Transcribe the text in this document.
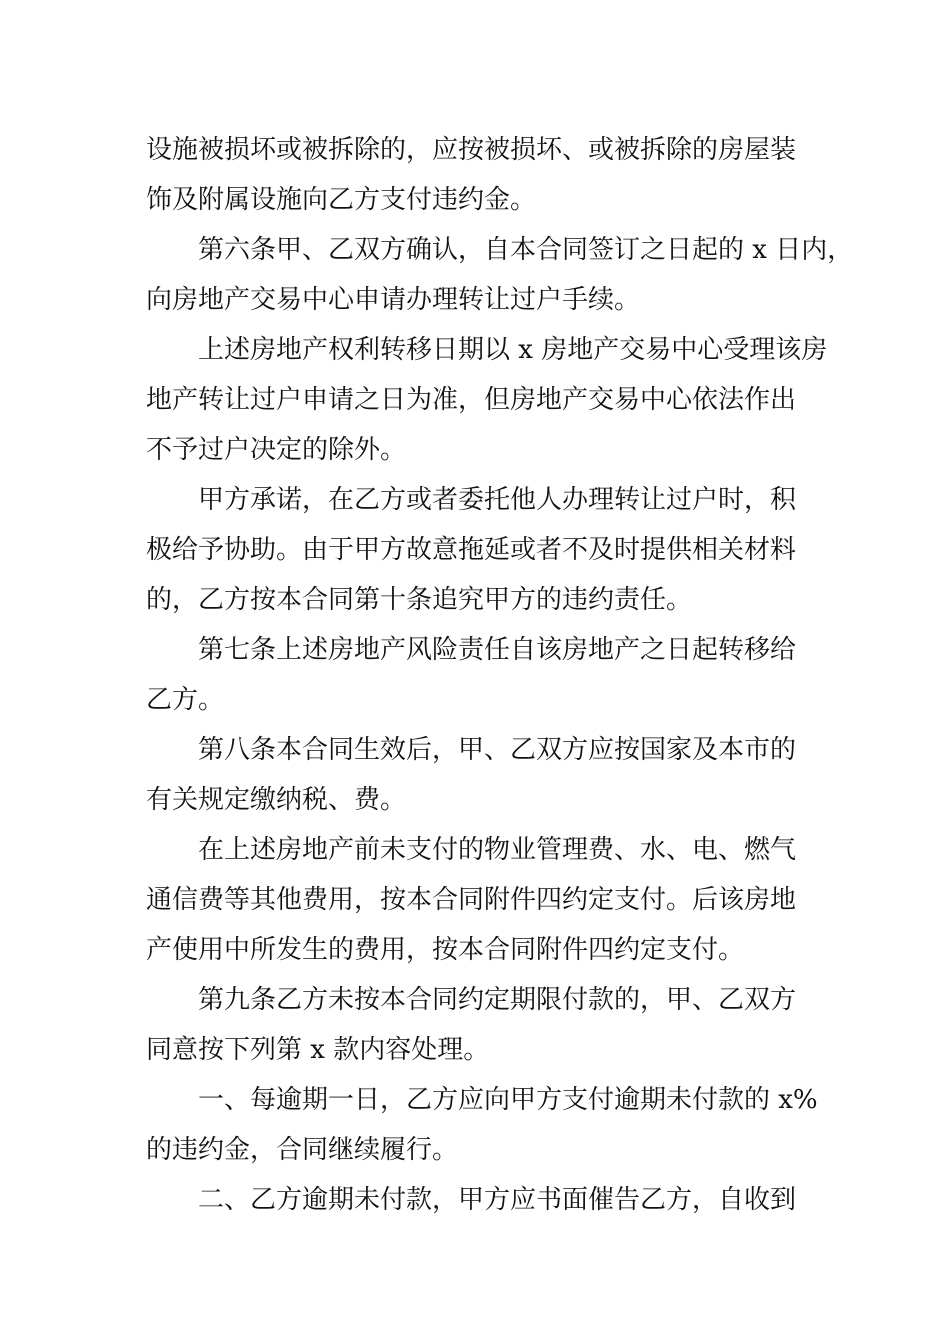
设施被损坏或被拆除的，应按被损坏、或被拆除的房屋装
饰及附属设施向乙方支付违约金。
第六条甲、乙双方确认，自本合同签订之日起的 x 日内，
向房地产交易中心申请办理转让过户手续。
上述房地产权利转移日期以 x 房地产交易中心受理该房
地产转让过户申请之日为准，但房地产交易中心依法作出
不予过户决定的除外。
甲方承诺，在乙方或者委托他人办理转让过户时，积
极给予协助。由于甲方故意拖延或者不及时提供相关材料
的，乙方按本合同第十条追究甲方的违约责任。
第七条上述房地产风险责任自该房地产之日起转移给
乙方。
第八条本合同生效后，甲、乙双方应按国家及本市的
有关规定缴纳税、费。
在上述房地产前未支付的物业管理费、水、电、燃气
通信费等其他费用，按本合同附件四约定支付。后该房地
产使用中所发生的费用，按本合同附件四约定支付。
第九条乙方未按本合同约定期限付款的，甲、乙双方
同意按下列第 x 款内容处理。
一、每逾期一日，乙方应向甲方支付逾期未付款的 x%
的违约金，合同继续履行。
二、乙方逾期未付款，甲方应书面催告乙方，自收到
